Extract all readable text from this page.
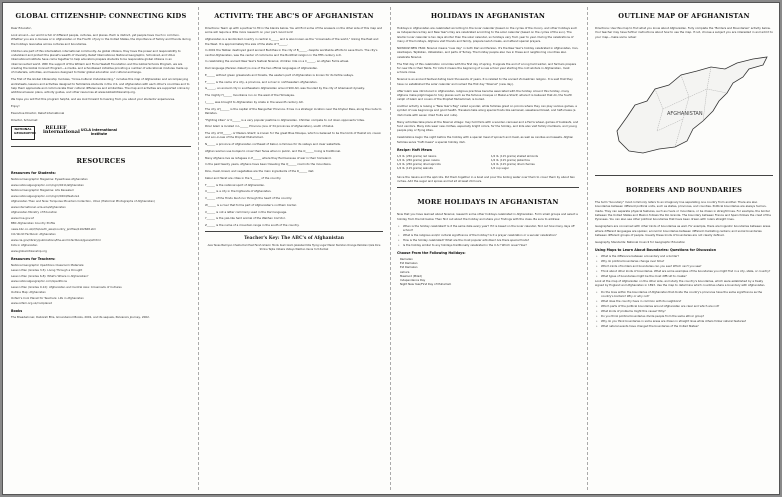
GLOBAL CITIZENSHIP: CONNECTING KIDS

Dear Educator,

Look around—our world is full of different people, cultures, and places. Each is distinct, yet people have much in common. Whether you are in Kansas or in Afghanistan or the Fourth of July in the United States, the importance of family and friends during the holidays resonates across cultures and boundaries.

Children are part of this interrelated, international community. As global citizens, they have the power and responsibility to understand and protect the planet's wealth of diversity. Relief International, National Geographic, Schoolnet, and UCLA International Institute have come together to help educators prepare students to be responsible global citizens in an interconnected world. With the support of the William and Flora Hewlett Foundation and the Global Schools Program, we are creating the Global Connect Program—a media- and schoolbased initiative providing a number of educational modules made up of materials, activities, and lessons designed to foster global education and cultural exchange.

The first of the Global Citizenship modules, "Cross-Cultural Understanding," includes this map of Afghanistan and accompanying worksheets, lessons and activities designed to familiarize students in the U.S. and Afghanistan with each other's countries and to help them appreciate and communicate their cultural differences and similarities. The map and activities are supported online by additional lesson plans, activity guides, and other resources at www.GlobalCitizenship.org.

We hope you will find this program helpful, and we look forward to hearing from you about your students' experiences.

Enjoy!

Executive Director, Relief International

Director, Schoolnet

NATIONAL GEOGRAPHIC
RELIEF international UCLA International Institute
RESOURCES
Resources for Students:
National Geographic Magazine: Eyewitness Afghanistan
www.nationalgeographic.com/ngm/0211/afghanistan
National Geographic Magazine: Life Revealed
www.nationalgeographic.com/ngm/0204/feature1
Afghanistan Then and Now: Turquoise Mountain Collection, UCLA (Historical Photographs of Afghanistan)
www.international.ucla.edu/afghanistan
Afghanistan Ministry of Education
www.moe.gov.af
BBC Afghanistan Country Profile
news.bbc.co.uk/2/hi/south_asia/country_profiles/1162668.stm
CIA World Factbook: Afghanistan
www.cia.gov/library/publications/the-world-factbook/geos/af.html
Kids in Afghanistan
www.globalcitizenship.org
Resources for Teachers:
National Geographic Xpeditions Classroom Materials:
Lesson Plan (Grades 3-5): Living Through a Drought
Lesson Plan (Grades 6-8): What's Where in Afghanistan?
www.nationalgeographic.com/xpeditions
Lesson Plan (Grades 9-12): Afghanistan and Central Asia: Crossroads of Cultures
Outline Map: Afghanistan
Oxfam's Cool Planet for Teachers: Life in Afghanistan
www.oxfam.org.uk/coolplanet
Books

The Breadwinner, Deborah Ellis, Groundwood Books, 2001, and its sequels, Parvana's Journey, 2002.

ACTIVITY: THE ABC'S OF AFGHANISTAN

Directions: Team up with a partner to fill in the blanks below. You will find some of the answers on the other side of this map and some will require a little more research on your part. Good luck!

Afghanistan is a landlocked country in central A______ and is also known as the "crossroads of the world," linking the East and the West. It is approximately the size of the state of T______.
In 2001 the Taliban destroyed giant ancient Buddhas in the city of B______, despite worldwide efforts to save them. The city's central Afghanistan, was the center of commerce and the Buddhist religion in the fifth century A.D.
In celebrating the ancient New Year's festival Nowruz, children ride on a C______, an Afghan Ferris wheel.
Dari language (Persian dialect) is one of the two official languages of Afghanistan.
E______ without green grasslands and forests, the eastern part of Afghanistan is known for its fertile valleys.
F______ is the name of a city, a province, and a river in northwestern Afghanistan.
G______, an ancient city in southeastern Afghanistan around 900 AD, was founded by the city of Ghaznavid dynasty.
The mighty H______ mountains run on the west of the Himalayas.
I______ was brought to Afghanistan by Arabs in the seventh century AD.
The city of J______ is the capital of the Nangarhar Province. It lies in a strategic location near the Khyber Pass, along the route to Pakistan.
"Fighting kites" or K______ is a very popular pastime in Afghanistan. Children compete to cut down opponents' kites.
Polar Islam is located in L______ Province (one of 34 provinces of Afghanistan), south of Kabul.
The city of M______, or Mazar-i-Sharif, is known for the great Blue Mosque, which is believed to be the tomb of Hazrat Ali, cousin and son-in-law of the Prophet Muhammad.
N______ a province of Afghanistan northeast of Kabul, is famous for its valleys and clear waterfalls.
Afghan women use burqas to cover their faces when in public, and the O______ lining is traditional.
Many Afghans live as refugees in P______ where they fled because of war in their homeland.
In the past twenty years, Afghans have been traveling the Q______ road into the mountains.
Rice, meat, bread, and vegetables are the main ingredients of the R______ diet.
Kabul and Herat are cities in the S______ of the country.
T______ is the national sport of Afghanistan.
U______ is a city in the highlands of Afghanistan.
V______ of the Hindu Kush run through the heart of the country.
W______ is a river that forms part of Afghanistan's northern border.
X______ is not a letter commonly used in the Dari language.
Y______ is the yak-like herd animal of the Wakhan Corridor.
Z______ is the name of a mountain range in the south of the country.
Teacher's Key: The ABC's of Afghanistan
Asia Texas Bamiyan Chakla Dari East Farah Ghazni Hindu Kush Islam Jalalabad Kite flying Logar Mazar Nuristan Orange Pakistan Qala Rice Shrine Tajiks Uzbeks Valleys Wakhan Xenia Yurt Zardak
HOLIDAYS IN AFGHANISTAN

Holidays in Afghanistan are celebrated according to the lunar calendar (based on the cycles of the moon), and other holidays such as Independence Day and New Year's Day are celebrated according to the solar calendar (based on the cycles of the sun). The Islamic lunar calendar is ten days shorter than the solar calendar, so holidays vary from year to year. During the celebrations of many of the holidays, Afghans visit friends and family, prepare lavish meals, and attend special prayers.

NOWRUZ NEW YEAR: Nowruz means "new day" in both Dari and Persian. It's the New Year's holiday celebrated in Afghanistan, Iran, Azerbaijan, Tajikistan, Uzbekistan, and parts of Turkey. The holiday people also live in these and neighboring countries also celebrate Nowruz.

The first day of this celebration coincides with the first day of spring. It signals the end of a long hard winter, and farmers prepare for new life in their fields. For kids it means the beginning of a new school year starting the cold winters in Afghanistan, most schools close.

Nowruz is an ancient festival dating back thousands of years. It is related to the ancient Zoroastrian religion. It is said that they have no established the solar calendar and named the first day "Nowruz" (new day).

After Islam was introduced in Afghanistan, religious practices became associated with the holiday. Around this holiday, many Afghans make pilgrimages to holy places such as the famous mosque or Mazar-e Sharif, where it is believed that Ali, the fourth caliph of Islam and cousin of the Prophet Muhammad, is buried.

Another activity is raising a "New Year's flag" called a jandar, while families greet on picnics where they can play various games, a symbol of new beginnings and good health. Travelers take along special foods like samanak, sweetened bread, and haft-mewa (a dish made with seven dried fruits and nuts).

Many activities take place at the Nowruz village: may hold fairs with a wooden carousel and a Ferris wheel, games of buzkashi, and food vendors. Many kids wear new clothes, especially bright colors, for the holiday, and kids also visit family members, and young people play or flying kites.

Celebrations begin the night before the holiday with a special meal of spinach and meat, as well as candies and sweets. Afghan families serve "haft mewa" a special holiday dish.

Recipe: Haft Mewa
1/2 lb. (250 grams) red raisins	1/4 lb. (115 grams) shelled almonds
1/2 lb. (250 grams) green raisins	1/4 lb. (115 grams) pistachios
1/2 lb. (250 grams) dried apricots	1/4 lb. (115 grams) dried cherries
1/4 lb. (115 grams) walnuts	1/4 cup sugar

Since the raisins and the apricots. Put them together in a bowl and pour the boiling water over them to cover them by about two inches. Add the sugar and spices and let sit at least 24 hours.

MORE HOLIDAYS IN AFGHANISTAN

Now that you have learned about Nowruz, research some other holidays celebrated in Afghanistan. Form small groups and select a holiday from the list below. Then find out about the holiday and share your findings with the class. Be sure to address:

• When is the holiday celebrated? Is it the same date every year? If it is based on the lunar calendar, find out how many days off school?
• What is the religious and/or cultural significance of the holiday? Is it a prayer celebration or a secular celebration?
• How is the holiday celebrated? What are the most popular activities? Are there special foods?
• Is the holiday similar to any holidays traditionally celebrated in the U.S.? Which ones? How?
Choose From the Following Holidays:
Ramadan
Eid Ramazan
Eid Ramazan
Ashura
Mawlood (Milad)
Independence Day
Night New Year/First Day of Muharram
OUTLINE MAP OF AFGHANISTAN

Directions: Use this map to find what you know about Afghanistan. Fully complete the "Borders and Boundaries" activity below. Your teacher may have further instructions about how to use the map. If not, choose a subject you are interested in and add it to your map—make some notes!

AFGHANISTAN
BORDERS AND BOUNDARIES

The term "boundary" most commonly refers to an imaginary line separating one country from another. There are also boundaries between different political units, such as states, provinces, and counties. Political boundaries are always human-made. They can separate physical features, such as rivers or mountains, or be drawn in straight lines. For example, the border between the United States and Mexico follows the Rio Grande. The boundary between France and Spain follows the crest of the Pyrenees. You can also see other political boundaries that have been drawn with rulers straight lines.

Geographers are concerned with other kinds of boundaries as well. For example, there are linguistic boundaries between areas where different languages are spoken; economic boundaries between different marketing centers; and social boundaries between different groups of people. Usually these kinds of boundaries are not clearly defined.

Geography Standards: National Council for Geographic Education

Using Maps to Learn About Boundaries: Questions for Discussion
• What is the difference between a boundary and a border?
• Why do political boundaries change over time?
• Which kinds of borders and boundaries can you see? Which can't you see?
• Think about other kinds of boundaries. What are some examples of the boundaries you might find in a city, state, or country?
• What types of boundaries might be the most difficult to create?

Look at the map of Afghanistan on the other side, and study the country's boundaries, which were established by a treaty signed by England and Afghanistan in 1893. Use the map to determine which countries share a boundary with Afghanistan.

• Do the lines within the boundaries of Afghanistan that divide the country's provinces have the same significance as the country's borders? Why or why not?
• What does the country have in common with its neighbors?
• Which parts of the political boundaries around Afghanistan are clear and which are not?
• What kinds of problems might this cause? Why?
• Do you think political boundaries divide people from the same ethnic group?
• Why do you think boundaries in some areas are drawn in straight lines while others follow natural features?
• What natural events have changed the boundaries of the United States?
